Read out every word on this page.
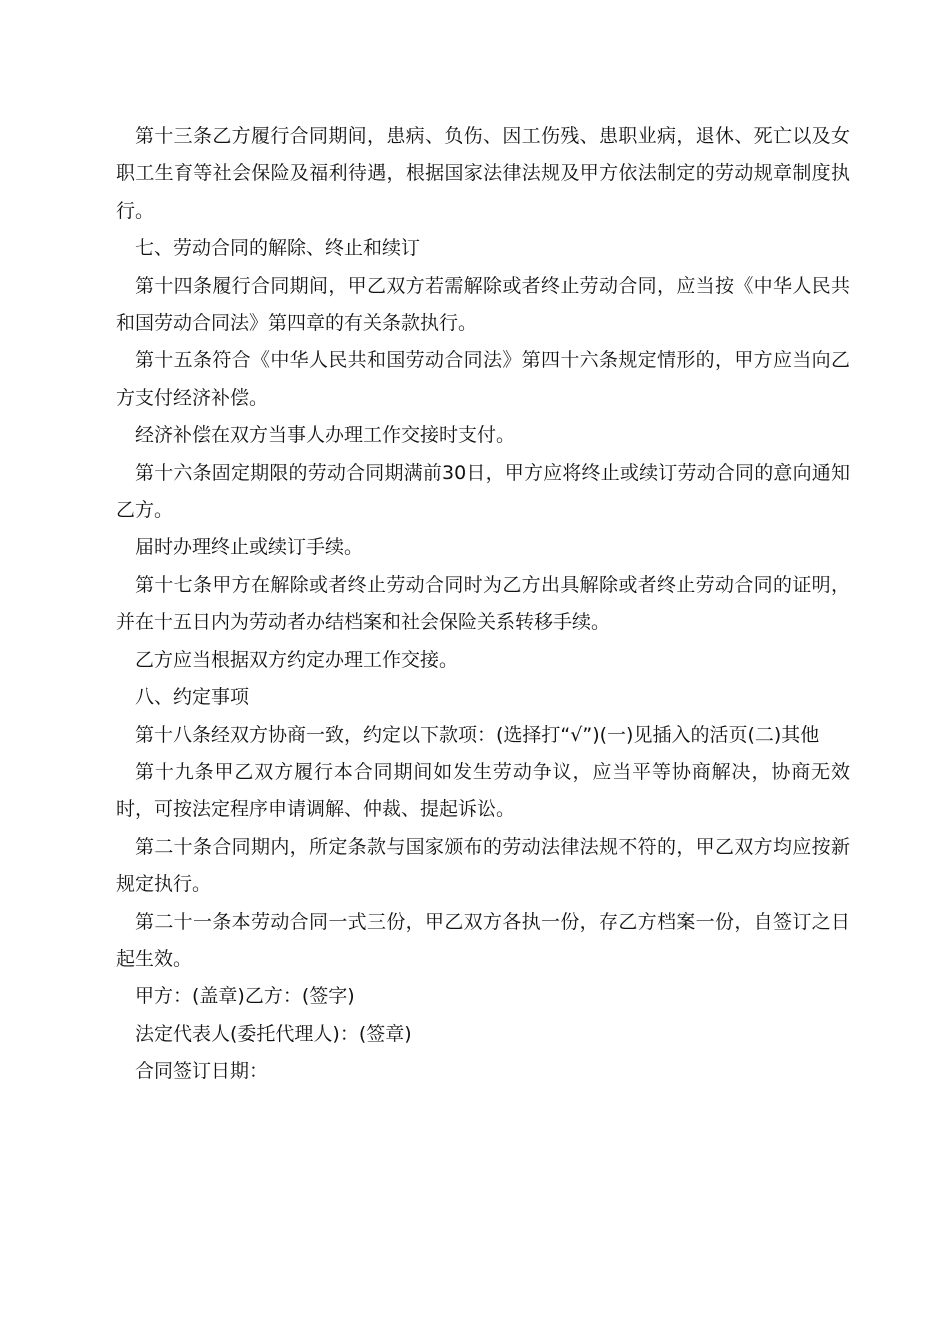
第十三条乙方履行合同期间，患病、负伤、因工伤残、患职业病，退休、死亡以及女职工生育等社会保险及福利待遇，根据国家法律法规及甲方依法制定的劳动规章制度执行。

七、劳动合同的解除、终止和续订

第十四条履行合同期间，甲乙双方若需解除或者终止劳动合同，应当按《中华人民共和国劳动合同法》第四章的有关条款执行。

第十五条符合《中华人民共和国劳动合同法》第四十六条规定情形的，甲方应当向乙方支付经济补偿。

经济补偿在双方当事人办理工作交接时支付。

第十六条固定期限的劳动合同期满前30日，甲方应将终止或续订劳动合同的意向通知乙方。

届时办理终止或续订手续。

第十七条甲方在解除或者终止劳动合同时为乙方出具解除或者终止劳动合同的证明，并在十五日内为劳动者办结档案和社会保险关系转移手续。

乙方应当根据双方约定办理工作交接。

八、约定事项

第十八条经双方协商一致，约定以下款项：(选择打“√”)(一)见插入的活页(二)其他

第十九条甲乙双方履行本合同期间如发生劳动争议，应当平等协商解决，协商无效时，可按法定程序申请调解、仲裁、提起诉讼。

第二十条合同期内，所定条款与国家颁布的劳动法律法规不符的，甲乙双方均应按新规定执行。

第二十一条本劳动合同一式三份，甲乙双方各执一份，存乙方档案一份，自签订之日起生效。

甲方：(盖章)乙方：(签字)

法定代表人(委托代理人)：(签章)

合同签订日期：
